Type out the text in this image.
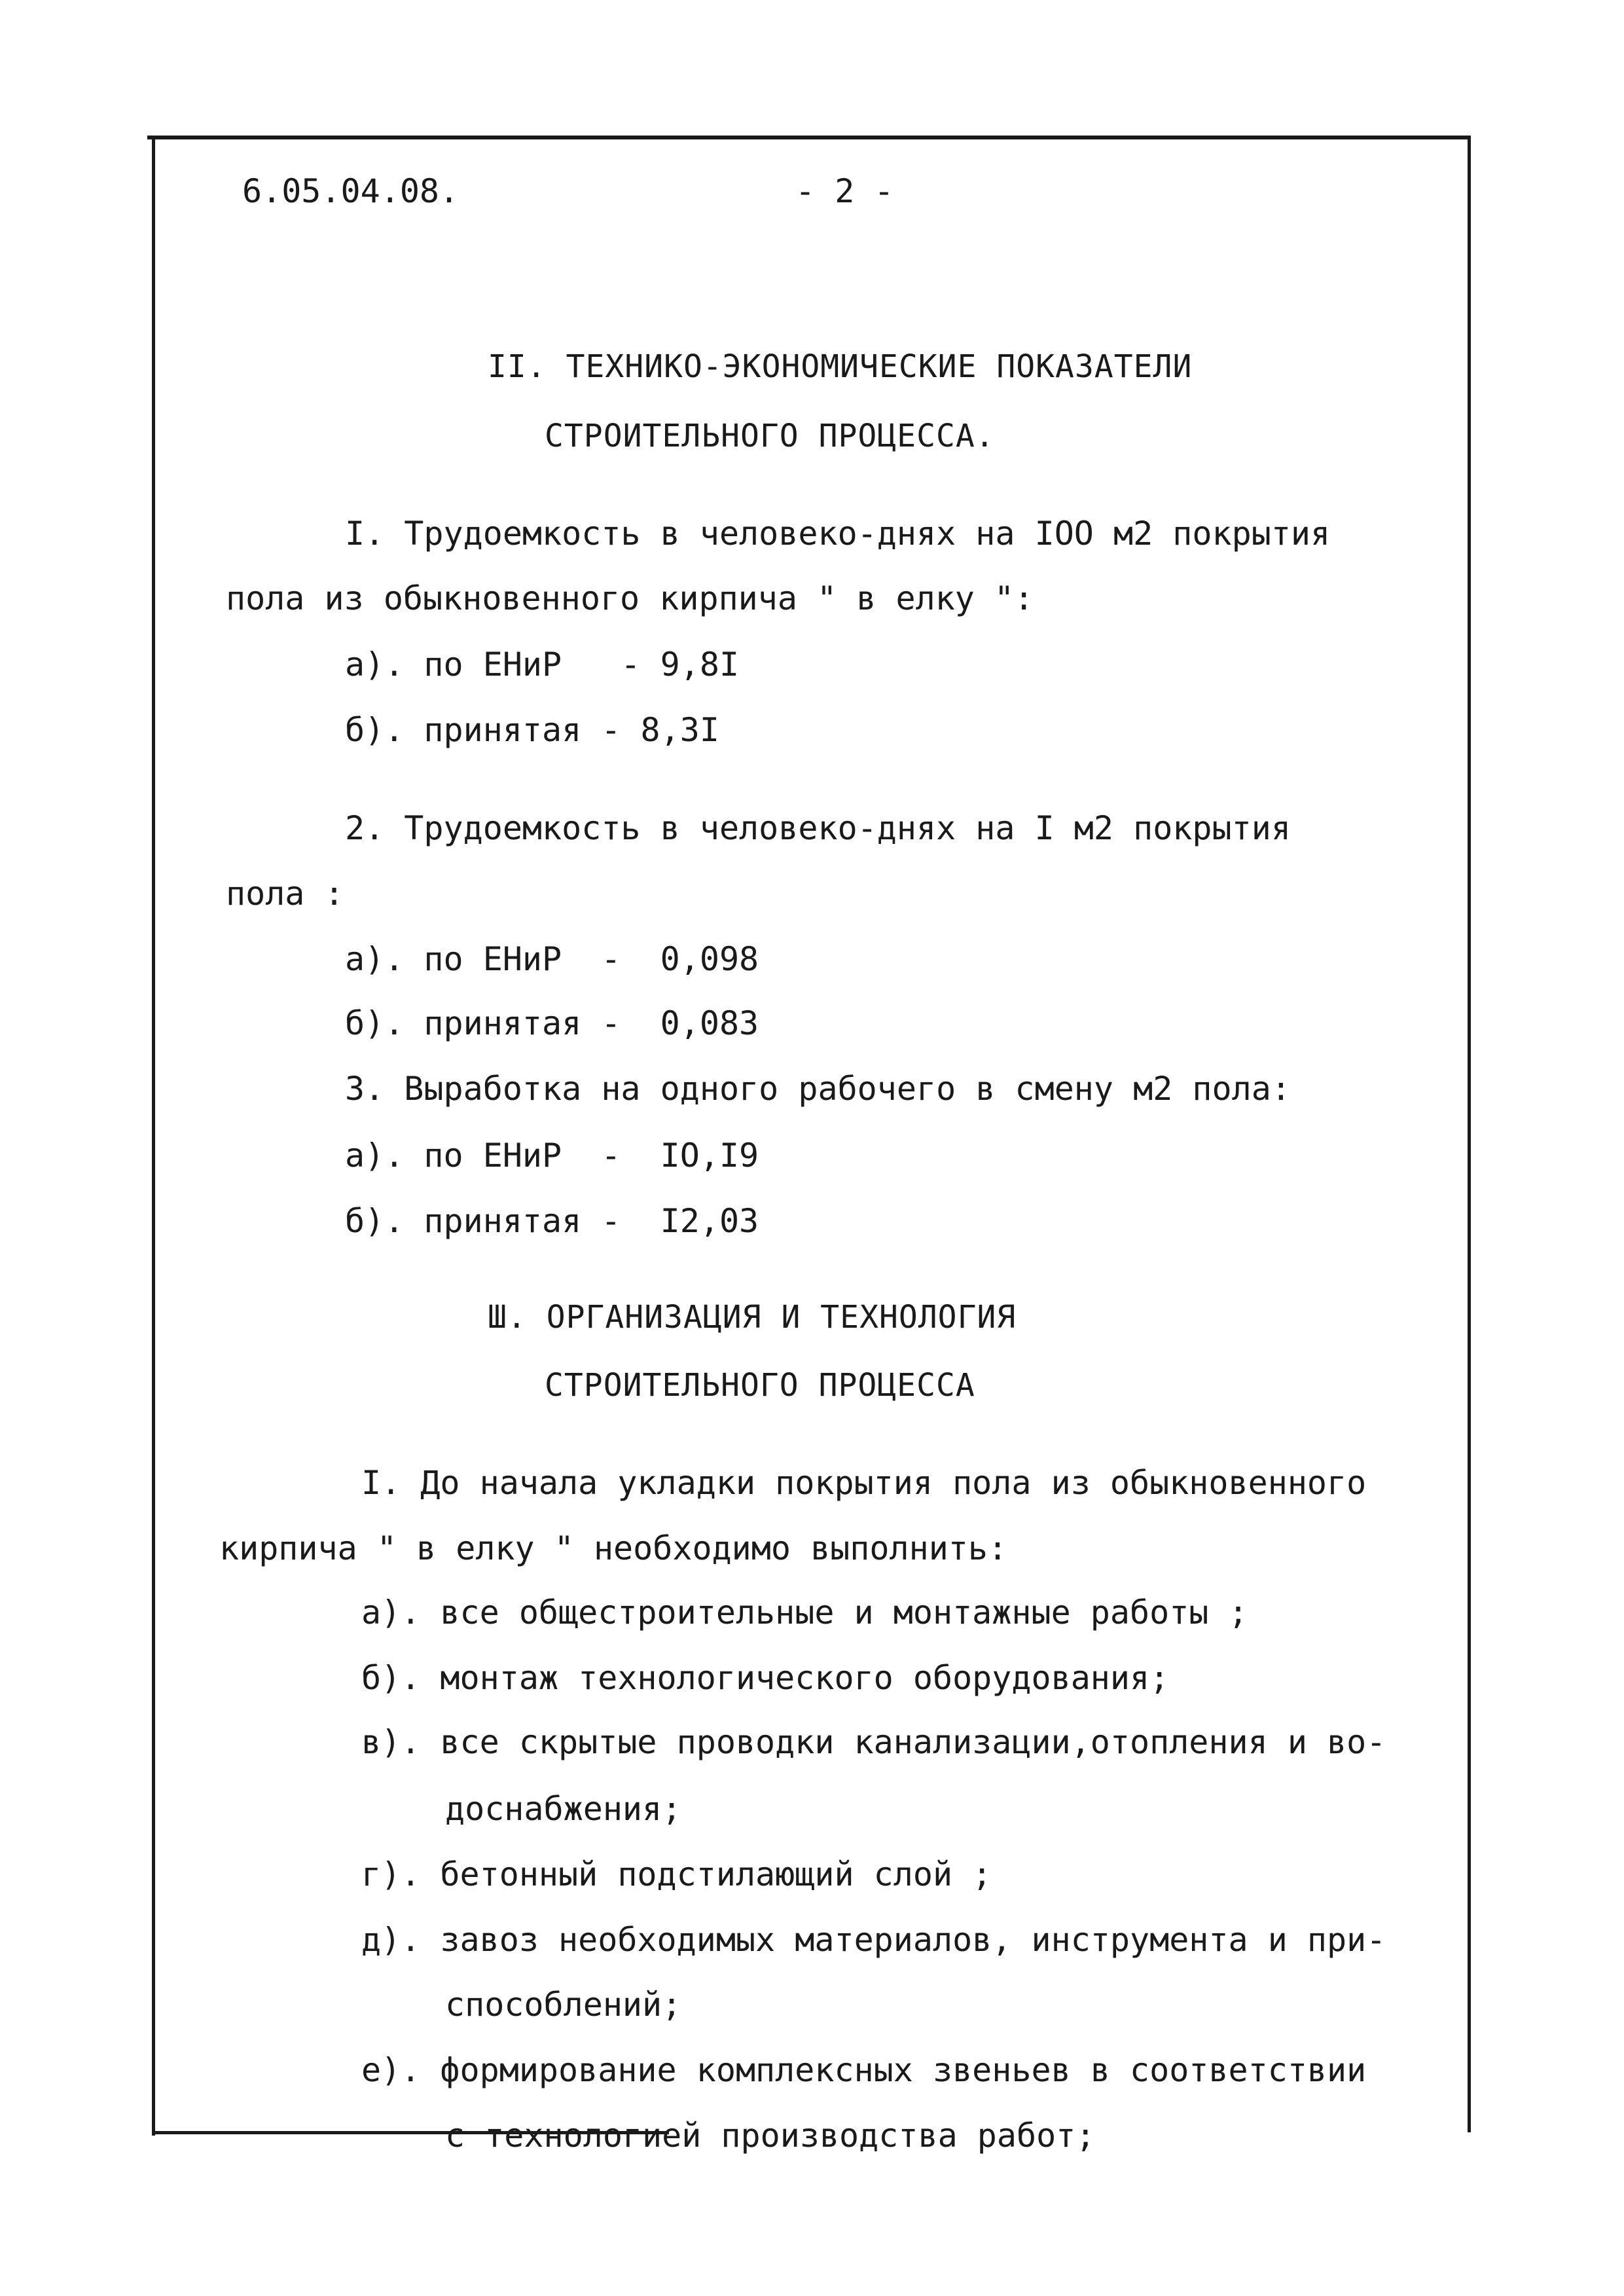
6.05.04.08.	- 2 -
II. ТЕХНИКО-ЭКОНОМИЧЕСКИЕ ПОКАЗАТЕЛИ
СТРОИТЕЛЬНОГО ПРОЦЕССА.
I. Трудоемкость в человеко-днях на IОО м2 покрытия
пола из обыкновенного кирпича " в елку ":
а). по ЕНиР   - 9,8I
б). принятая - 8,3I
2. Трудоемкость в человеко-днях на I м2 покрытия
пола :
а). по ЕНиР  -  0,098
б). принятая -  0,083
3. Выработка на одного рабочего в смену м2 пола:
а). по ЕНиР  -  IО,I9
б). принятая -  I2,03
Ш. ОРГАНИЗАЦИЯ И ТЕХНОЛОГИЯ
СТРОИТЕЛЬНОГО ПРОЦЕССА
I. До начала укладки покрытия пола из обыкновенного
кирпича " в елку " необходимо выполнить:
а). все общестроительные и монтажные работы ;
б). монтаж технологического оборудования;
в). все скрытые проводки канализации,отопления и во-
доснабжения;
г). бетонный подстилающий слой ;
д). завоз необходимых материалов, инструмента и при-
способлений;
е). формирование комплексных звеньев в соответствии
с технологией производства работ;
